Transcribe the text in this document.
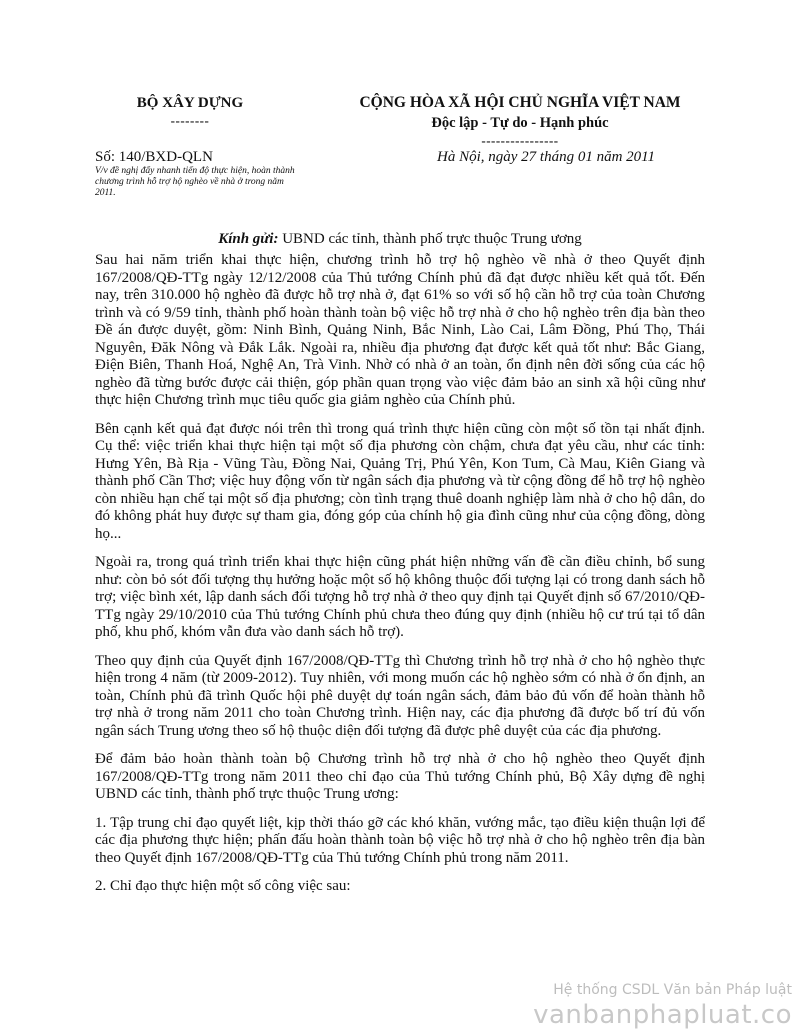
BỘ XÂY DỰNG
--------
CỘNG HÒA XÃ HỘI CHỦ NGHĨA VIỆT NAM
Độc lập - Tự do - Hạnh phúc
----------------
Số: 140/BXD-QLN
V/v đề nghị đẩy nhanh tiến độ thực hiện, hoàn thành chương trình hỗ trợ hộ nghèo về nhà ở trong năm 2011.
Hà Nội, ngày 27 tháng 01 năm 2011
Kính gửi: UBND các tỉnh, thành phố trực thuộc Trung ương

Sau hai năm triển khai thực hiện, chương trình hỗ trợ hộ nghèo về nhà ở theo Quyết định 167/2008/QĐ-TTg ngày 12/12/2008 của Thủ tướng Chính phủ đã đạt được nhiều kết quả tốt. Đến nay, trên 310.000 hộ nghèo đã được hỗ trợ nhà ở, đạt 61% so với số hộ cần hỗ trợ của toàn Chương trình và có 9/59 tỉnh, thành phố hoàn thành toàn bộ việc hỗ trợ nhà ở cho hộ nghèo trên địa bàn theo Đề án được duyệt, gồm: Ninh Bình, Quảng Ninh, Bắc Ninh, Lào Cai, Lâm Đồng, Phú Thọ, Thái Nguyên, Đăk Nông và Đắk Lắk. Ngoài ra, nhiều địa phương đạt được kết quả tốt như: Bắc Giang, Điện Biên, Thanh Hoá, Nghệ An, Trà Vinh. Nhờ có nhà ở an toàn, ổn định nên đời sống của các hộ nghèo đã từng bước được cải thiện, góp phần quan trọng vào việc đảm bảo an sinh xã hội cũng như thực hiện Chương trình mục tiêu quốc gia giảm nghèo của Chính phủ.

Bên cạnh kết quả đạt được nói trên thì trong quá trình thực hiện cũng còn một số tồn tại nhất định. Cụ thể: việc triển khai thực hiện tại một số địa phương còn chậm, chưa đạt yêu cầu, như các tỉnh: Hưng Yên, Bà Rịa - Vũng Tàu, Đồng Nai, Quảng Trị, Phú Yên, Kon Tum, Cà Mau, Kiên Giang và thành phố Cần Thơ; việc huy động vốn từ ngân sách địa phương và từ cộng đồng để hỗ trợ hộ nghèo còn nhiều hạn chế tại một số địa phương; còn tình trạng thuê doanh nghiệp làm nhà ở cho hộ dân, do đó không phát huy được sự tham gia, đóng góp của chính hộ gia đình cũng như của cộng đồng, dòng họ...

Ngoài ra, trong quá trình triển khai thực hiện cũng phát hiện những vấn đề cần điều chỉnh, bổ sung như: còn bỏ sót đối tượng thụ hưởng hoặc một số hộ không thuộc đối tượng lại có trong danh sách hỗ trợ; việc bình xét, lập danh sách đối tượng hỗ trợ nhà ở theo quy định tại Quyết định số 67/2010/QĐ-TTg ngày 29/10/2010 của Thủ tướng Chính phủ chưa theo đúng quy định (nhiều hộ cư trú tại tổ dân phố, khu phố, khóm vẫn đưa vào danh sách hỗ trợ).

Theo quy định của Quyết định 167/2008/QĐ-TTg thì Chương trình hỗ trợ nhà ở cho hộ nghèo thực hiện trong 4 năm (từ 2009-2012). Tuy nhiên, với mong muốn các hộ nghèo sớm có nhà ở ổn định, an toàn, Chính phủ đã trình Quốc hội phê duyệt dự toán ngân sách, đảm bảo đủ vốn để hoàn thành hỗ trợ nhà ở trong năm 2011 cho toàn Chương trình. Hiện nay, các địa phương đã được bố trí đủ vốn ngân sách Trung ương theo số hộ thuộc diện đối tượng đã được phê duyệt của các địa phương.

Để đảm bảo hoàn thành toàn bộ Chương trình hỗ trợ nhà ở cho hộ nghèo theo Quyết định 167/2008/QĐ-TTg trong năm 2011 theo chỉ đạo của Thủ tướng Chính phủ, Bộ Xây dựng đề nghị UBND các tỉnh, thành phố trực thuộc Trung ương:

1. Tập trung chỉ đạo quyết liệt, kịp thời tháo gỡ các khó khăn, vướng mắc, tạo điều kiện thuận lợi để các địa phương thực hiện; phấn đấu hoàn thành toàn bộ việc hỗ trợ nhà ở cho hộ nghèo trên địa bàn theo Quyết định 167/2008/QĐ-TTg của Thủ tướng Chính phủ trong năm 2011.

2. Chỉ đạo thực hiện một số công việc sau:

Hệ thống CSDL Văn bản Pháp luật
vanbanphapluat.co
